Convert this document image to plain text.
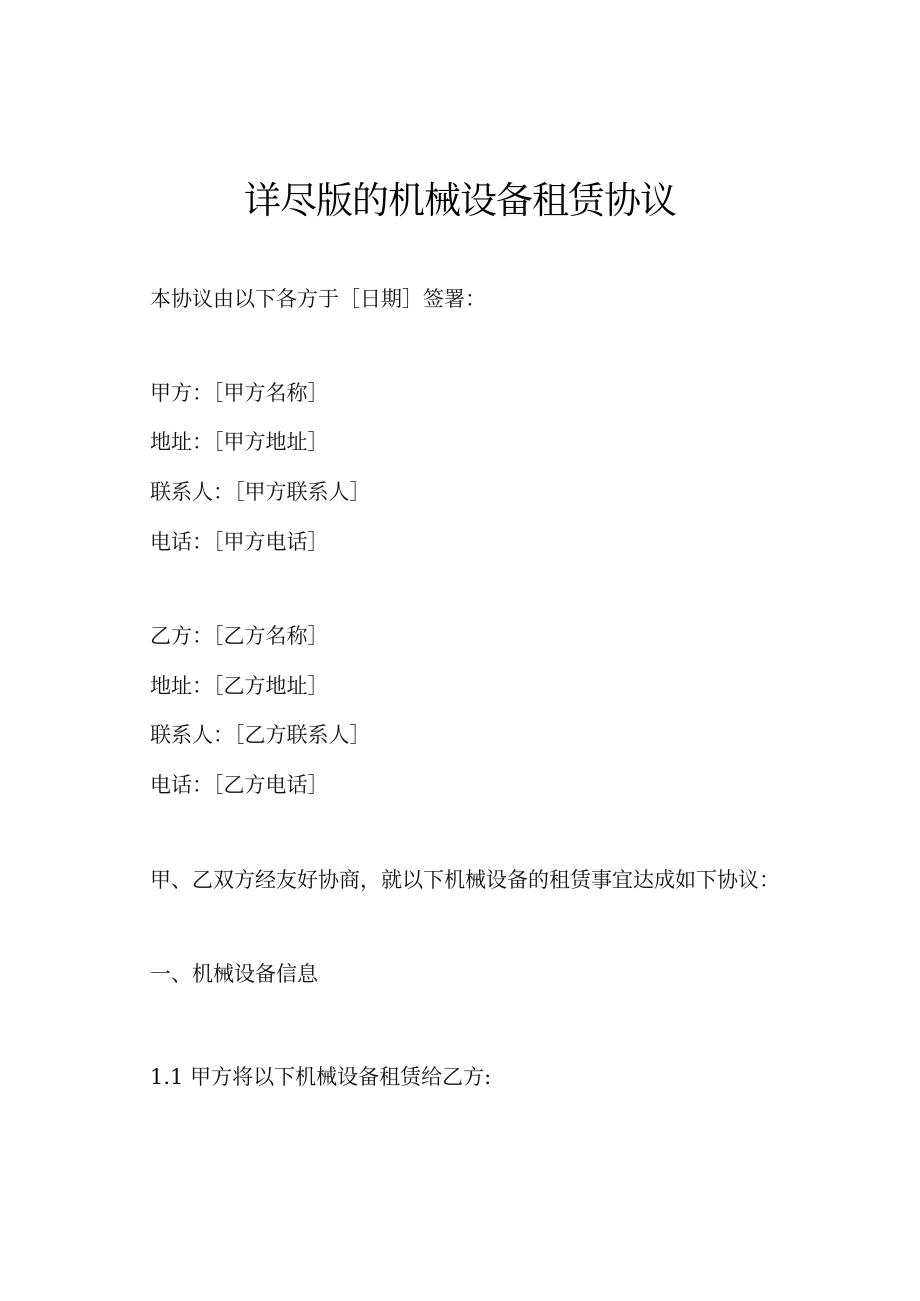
详尽版的机械设备租赁协议
本协议由以下各方于［日期］签署：
甲方：［甲方名称］
地址：［甲方地址］
联系人：［甲方联系人］
电话：［甲方电话］
乙方：［乙方名称］
地址：［乙方地址］
联系人：［乙方联系人］
电话：［乙方电话］
甲、乙双方经友好协商，就以下机械设备的租赁事宜达成如下协议：
一、机械设备信息
1.1 甲方将以下机械设备租赁给乙方:
